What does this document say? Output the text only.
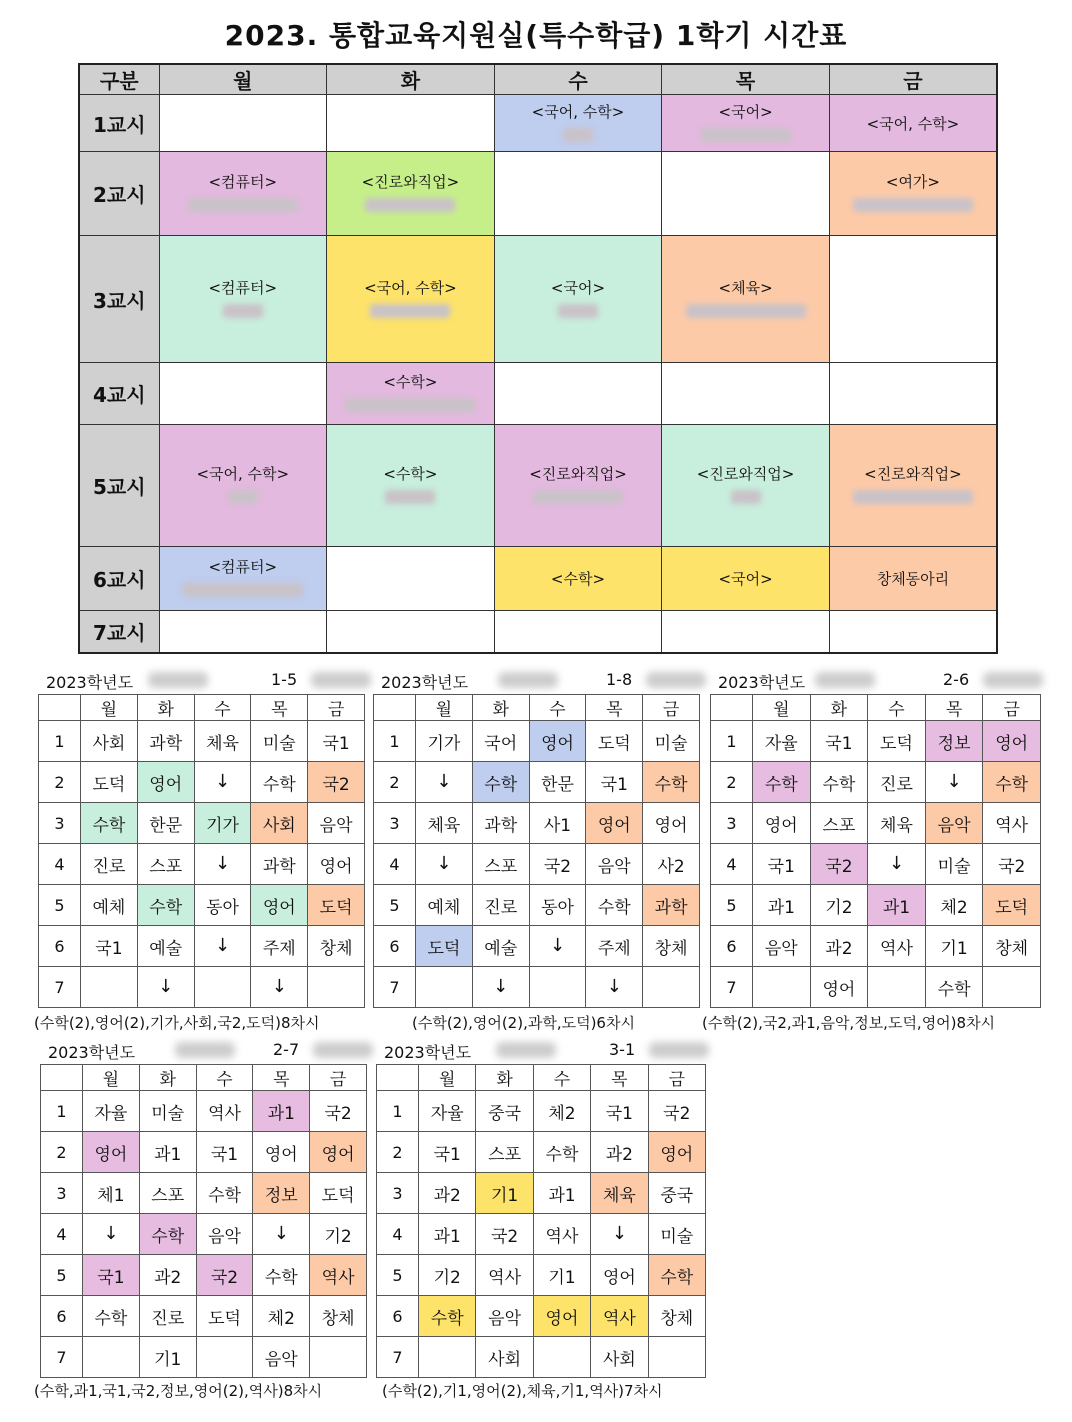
2023. 통합교육지원실(특수학급) 1학기 시간표
구분	월	화	수	목	금
1교시			<국어, 수학>	<국어>	<국어, 수학>

2교시	<컴퓨터>	<진로와직업>			<여가>

3교시	<컴퓨터>	<국어, 수학>	<국어>	<체육>	

4교시		<수학>			

5교시	<국어, 수학>	<수학>	<진로와직업>	<진로와직업>	<진로와직업>

6교시	<컴퓨터>		<수학>	<국어>	창체동아리

7교시					
2023학년도	1-5
	월	화	수	목	금
1	사회	과학	체육	미술	국1
2	도덕	영어	↓	수학	국2
3	수학	한문	기가	사회	음악
4	진로	스포	↓	과학	영어
5	예체	수학	동아	영어	도덕
6	국1	예술	↓	주제	창체
7		↓		↓	
(수학(2),영어(2),기가,사회,국2,도덕)8차시
2023학년도	1-8
	월	화	수	목	금
1	기가	국어	영어	도덕	미술
2	↓	수학	한문	국1	수학
3	체육	과학	사1	영어	영어
4	↓	스포	국2	음악	사2
5	예체	진로	동아	수학	과학
6	도덕	예술	↓	주제	창체
7		↓		↓	
(수학(2),영어(2),과학,도덕)6차시
2023학년도	2-6
	월	화	수	목	금
1	자율	국1	도덕	정보	영어
2	수학	수학	진로	↓	수학
3	영어	스포	체육	음악	역사
4	국1	국2	↓	미술	국2
5	과1	기2	과1	체2	도덕
6	음악	과2	역사	기1	창체
7		영어		수학	
(수학(2),국2,과1,음악,정보,도덕,영어)8차시
2023학년도	2-7
	월	화	수	목	금
1	자율	미술	역사	과1	국2
2	영어	과1	국1	영어	영어
3	체1	스포	수학	정보	도덕
4	↓	수학	음악	↓	기2
5	국1	과2	국2	수학	역사
6	수학	진로	도덕	체2	창체
7		기1		음악	
(수학,과1,국1,국2,정보,영어(2),역사)8차시
2023학년도	3-1
	월	화	수	목	금
1	자율	중국	체2	국1	국2
2	국1	스포	수학	과2	영어
3	과2	기1	과1	체육	중국
4	과1	국2	역사	↓	미술
5	기2	역사	기1	영어	수학
6	수학	음악	영어	역사	창체
7		사회		사회	
(수학(2),기1,영어(2),체육,기1,역사)7차시
